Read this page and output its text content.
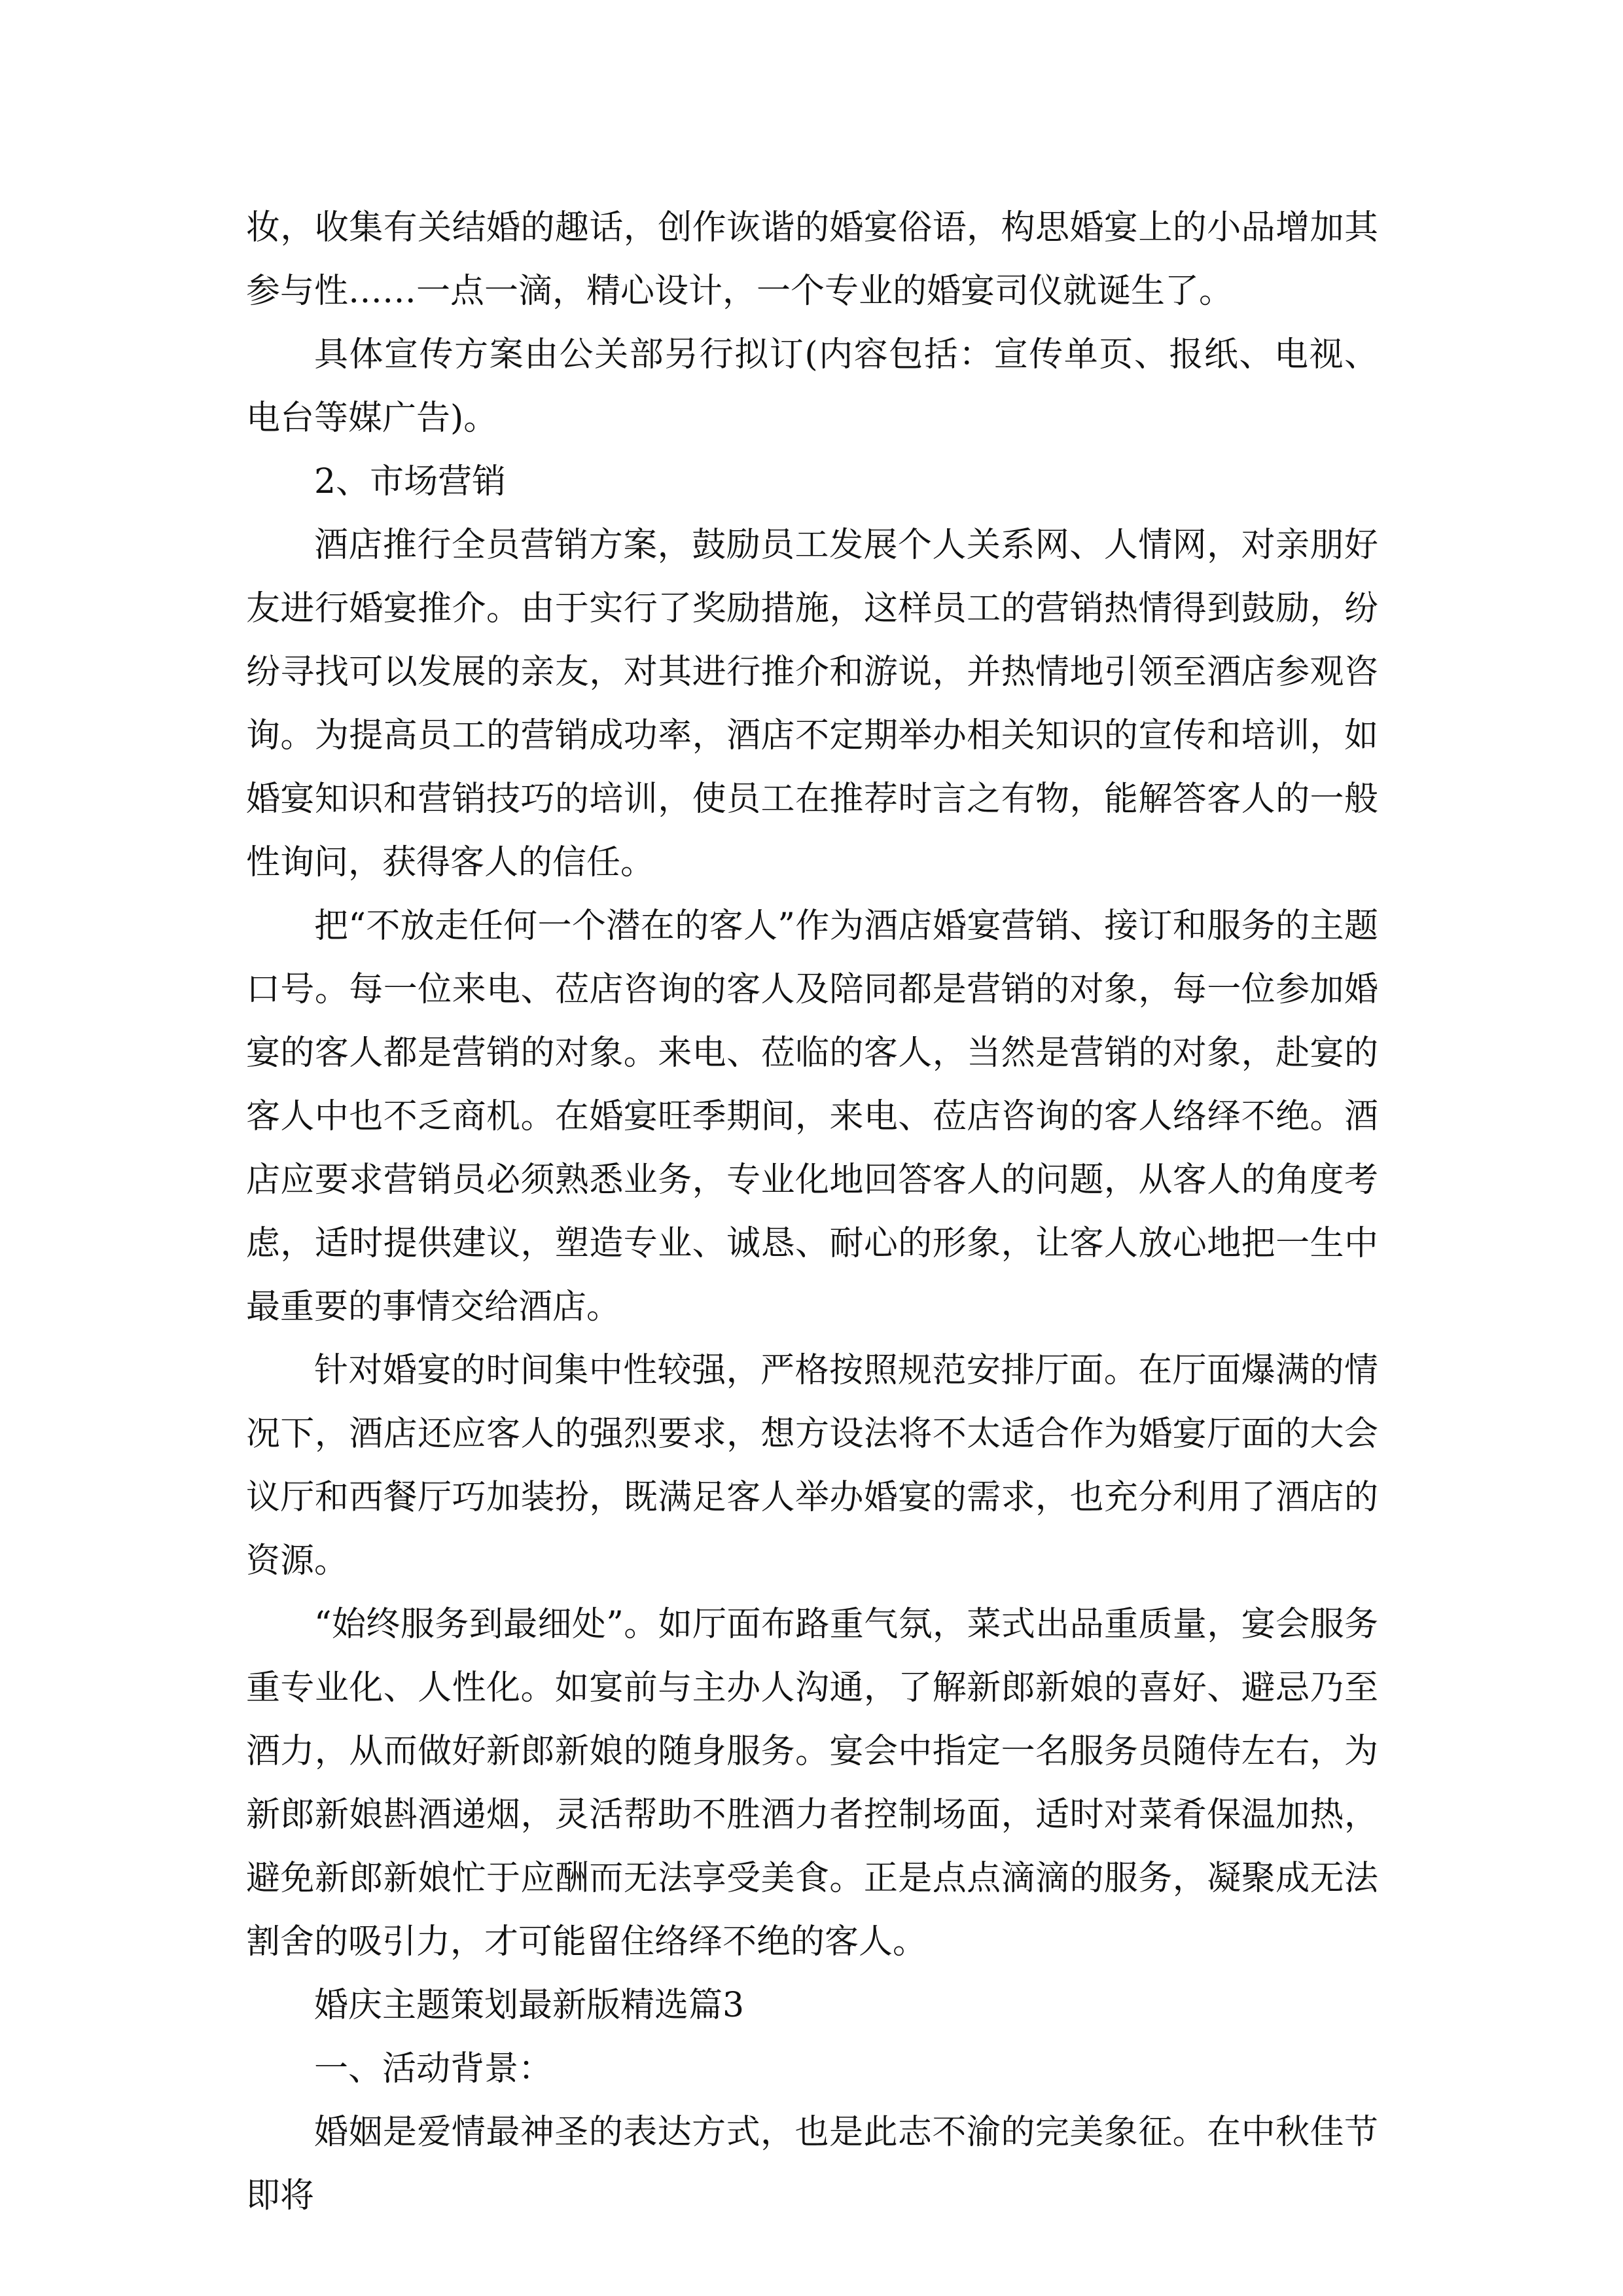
妆，收集有关结婚的趣话，创作诙谐的婚宴俗语，构思婚宴上的小品增加其参与性……一点一滴，精心设计，一个专业的婚宴司仪就诞生了。

具体宣传方案由公关部另行拟订(内容包括：宣传单页、报纸、电视、电台等媒广告)。

2、市场营销

酒店推行全员营销方案，鼓励员工发展个人关系网、人情网，对亲朋好友进行婚宴推介。由于实行了奖励措施，这样员工的营销热情得到鼓励，纷纷寻找可以发展的亲友，对其进行推介和游说，并热情地引领至酒店参观咨询。为提高员工的营销成功率，酒店不定期举办相关知识的宣传和培训，如婚宴知识和营销技巧的培训，使员工在推荐时言之有物，能解答客人的一般性询问，获得客人的信任。

把“不放走任何一个潜在的客人”作为酒店婚宴营销、接订和服务的主题口号。每一位来电、莅店咨询的客人及陪同都是营销的对象，每一位参加婚宴的客人都是营销的对象。来电、莅临的客人，当然是营销的对象，赴宴的客人中也不乏商机。在婚宴旺季期间，来电、莅店咨询的客人络绎不绝。酒店应要求营销员必须熟悉业务，专业化地回答客人的问题，从客人的角度考虑，适时提供建议，塑造专业、诚恳、耐心的形象，让客人放心地把一生中最重要的事情交给酒店。

针对婚宴的时间集中性较强，严格按照规范安排厅面。在厅面爆满的情况下，酒店还应客人的强烈要求，想方设法将不太适合作为婚宴厅面的大会议厅和西餐厅巧加装扮，既满足客人举办婚宴的需求，也充分利用了酒店的资源。

“始终服务到最细处”。如厅面布路重气氛，菜式出品重质量，宴会服务重专业化、人性化。如宴前与主办人沟通，了解新郎新娘的喜好、避忌乃至酒力，从而做好新郎新娘的随身服务。宴会中指定一名服务员随侍左右，为新郎新娘斟酒递烟，灵活帮助不胜酒力者控制场面，适时对菜肴保温加热，避免新郎新娘忙于应酬而无法享受美食。正是点点滴滴的服务，凝聚成无法割舍的吸引力，才可能留住络绎不绝的客人。

婚庆主题策划最新版精选篇3

一、活动背景：

婚姻是爱情最神圣的表达方式，也是此志不渝的完美象征。在中秋佳节即将
